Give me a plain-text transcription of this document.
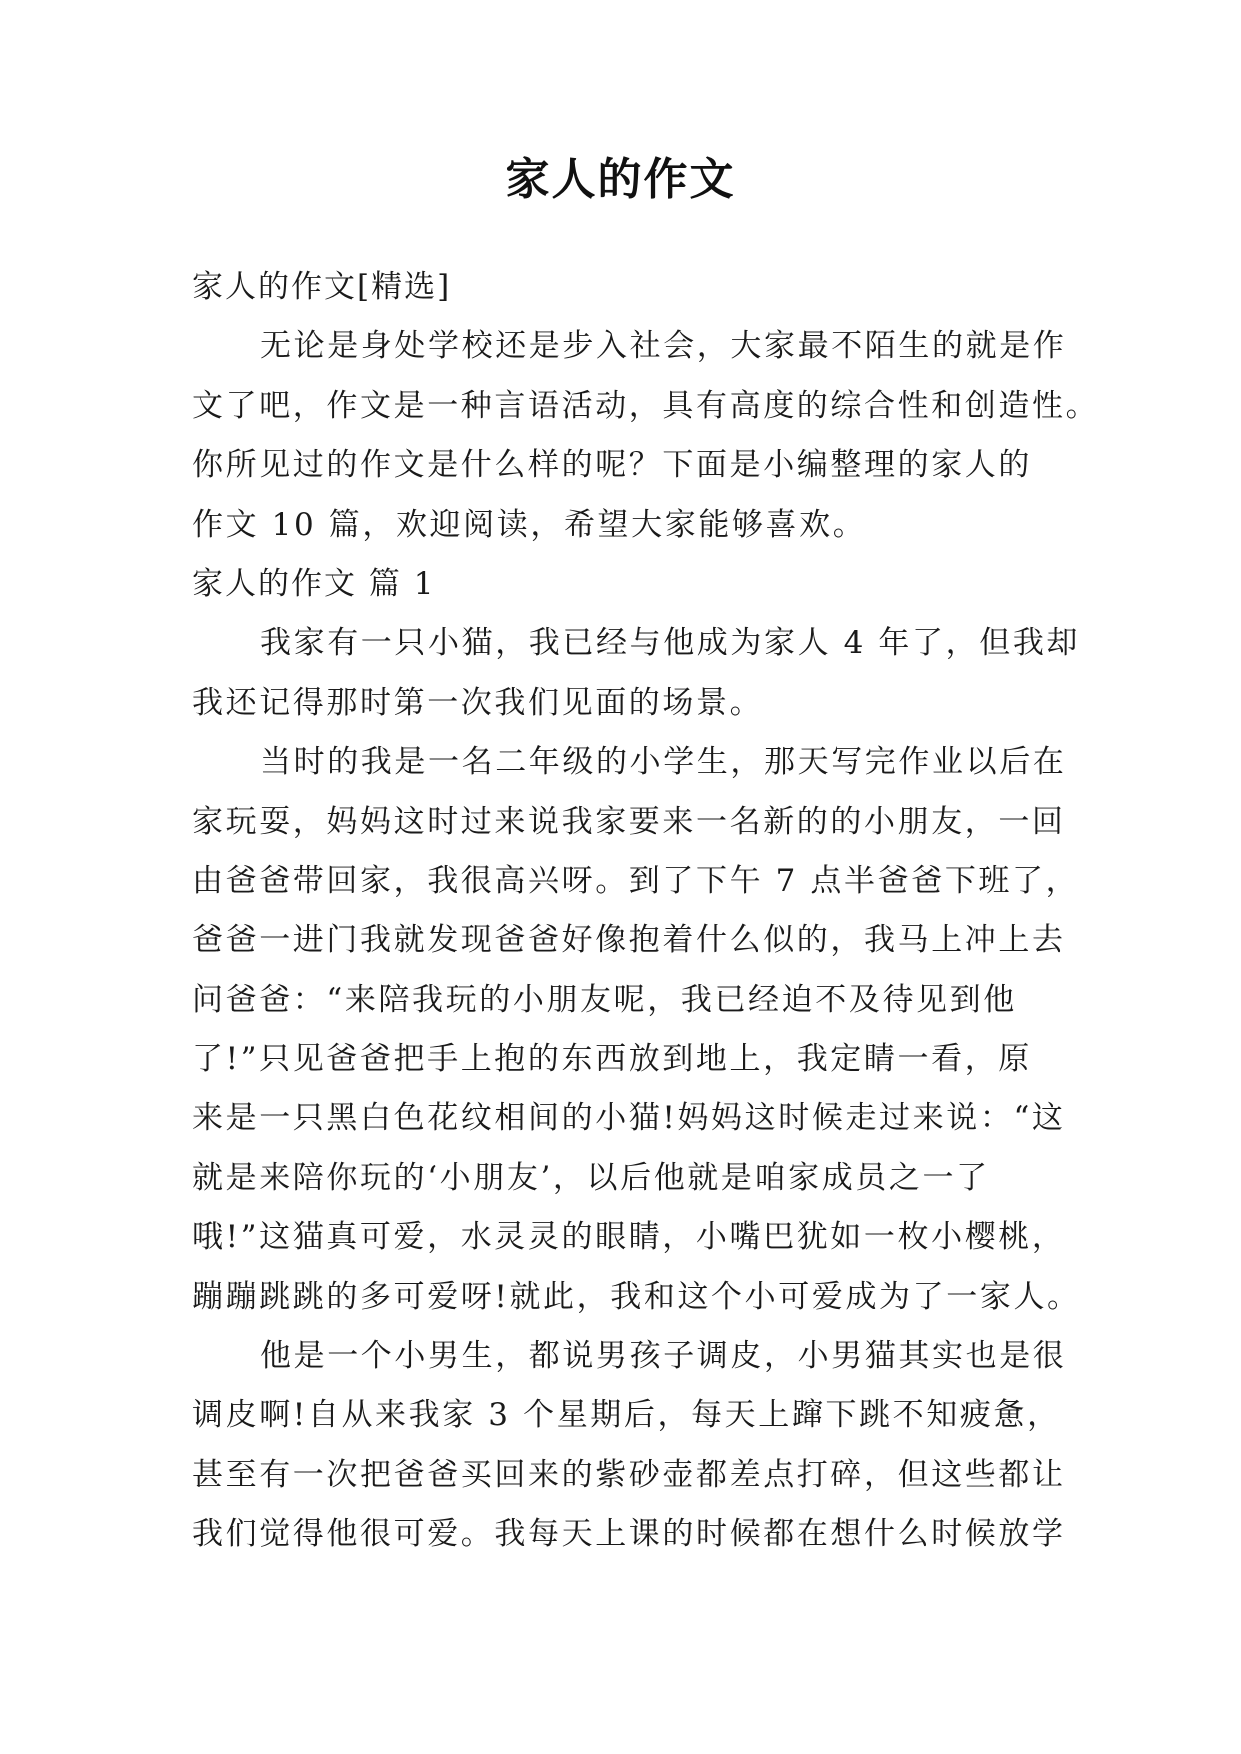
家人的作文

家人的作文[精选]

无论是身处学校还是步入社会，大家最不陌生的就是作

文了吧，作文是一种言语活动，具有高度的综合性和创造性。

你所见过的作文是什么样的呢？下面是小编整理的家人的

作文 10 篇，欢迎阅读，希望大家能够喜欢。

家人的作文 篇 1

我家有一只小猫，我已经与他成为家人 4 年了，但我却

我还记得那时第一次我们见面的场景。

当时的我是一名二年级的小学生，那天写完作业以后在

家玩耍，妈妈这时过来说我家要来一名新的的小朋友，一回

由爸爸带回家，我很高兴呀。到了下午 7 点半爸爸下班了，

爸爸一进门我就发现爸爸好像抱着什么似的，我马上冲上去

问爸爸：“来陪我玩的小朋友呢，我已经迫不及待见到他

了!”只见爸爸把手上抱的东西放到地上，我定睛一看，原

来是一只黑白色花纹相间的小猫!妈妈这时候走过来说：“这

就是来陪你玩的‘小朋友’，以后他就是咱家成员之一了

哦!”这猫真可爱，水灵灵的眼睛，小嘴巴犹如一枚小樱桃，

蹦蹦跳跳的多可爱呀!就此，我和这个小可爱成为了一家人。

他是一个小男生，都说男孩子调皮，小男猫其实也是很

调皮啊!自从来我家 3 个星期后，每天上蹿下跳不知疲惫，

甚至有一次把爸爸买回来的紫砂壶都差点打碎，但这些都让

我们觉得他很可爱。我每天上课的时候都在想什么时候放学
